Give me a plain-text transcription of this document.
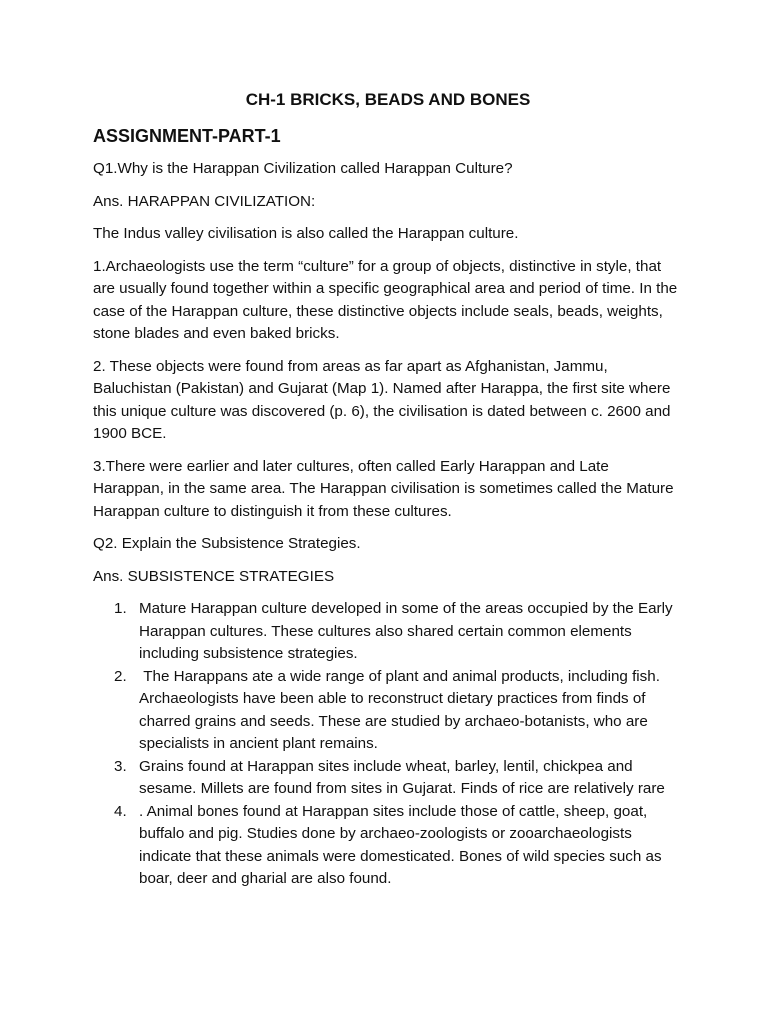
CH-1 BRICKS, BEADS AND BONES
ASSIGNMENT-PART-1

Q1.Why is the Harappan Civilization called Harappan Culture?

Ans. HARAPPAN CIVILIZATION:

The Indus valley civilisation is also called the Harappan culture.

1.Archaeologists use the term “culture” for a group of objects, distinctive in style, that are usually found together within a specific geographical area and period of time. In the case of the Harappan culture, these distinctive objects include seals, beads, weights, stone blades and even baked bricks.

2. These objects were found from areas as far apart as Afghanistan, Jammu, Baluchistan (Pakistan) and Gujarat (Map 1). Named after Harappa, the first site where this unique culture was discovered (p. 6), the civilisation is dated between c. 2600 and 1900 BCE.

3.There were earlier and later cultures, often called Early Harappan and Late Harappan, in the same area. The Harappan civilisation is sometimes called the Mature Harappan culture to distinguish it from these cultures.

Q2. Explain the Subsistence Strategies.

Ans. SUBSISTENCE STRATEGIES

1. Mature Harappan culture developed in some of the areas occupied by the Early Harappan cultures. These cultures also shared certain common elements including subsistence strategies.
2. The Harappans ate a wide range of plant and animal products, including fish. Archaeologists have been able to reconstruct dietary practices from finds of charred grains and seeds. These are studied by archaeo-botanists, who are specialists in ancient plant remains.
3. Grains found at Harappan sites include wheat, barley, lentil, chickpea and sesame. Millets are found from sites in Gujarat. Finds of rice are relatively rare
4. . Animal bones found at Harappan sites include those of cattle, sheep, goat, buffalo and pig. Studies done by archaeo-zoologists or zooarchaeologists indicate that these animals were domesticated. Bones of wild species such as boar, deer and gharial are also found.
